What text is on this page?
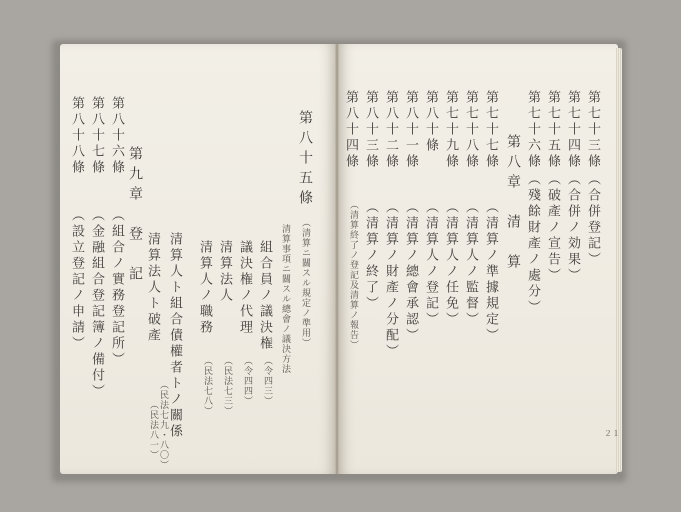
第七十三條
（合併登記）
第七十四條
（合併ノ効果）
第七十五條
（破產ノ宣告）
第七十六條
（殘餘財產ノ處分）
第八章　清　算
第七十七條
（清算ノ準據規定）
第七十八條
（清算人ノ監督）
第七十九條
（清算人ノ任免）
第八十條
（清算人ノ登記）
第八十一條
（清算ノ總會承認）
第八十二條
（清算ノ財產ノ分配）
第八十三條
（清算ノ終了）
第八十四條
（清算終了ノ登記及清算ノ報告）
２１
第八十五條
（清算ニ關スル規定ノ準用）
清算事項ニ關スル總會ノ議決方法
組合員ノ議決権
（令四三）
議決権ノ代理
（令四四）
清算法人
（民法七三）
清算人ノ職務
（民法七八）
清算人ト組合債權者トノ關係
（民法七九・八〇）
清算法人ト破產
（民法八一）
第九章　登　記
第八十六條
（組合ノ實務登記所）
第八十七條
（金融組合登記簿ノ備付）
第八十八條
（設立登記ノ申請）
